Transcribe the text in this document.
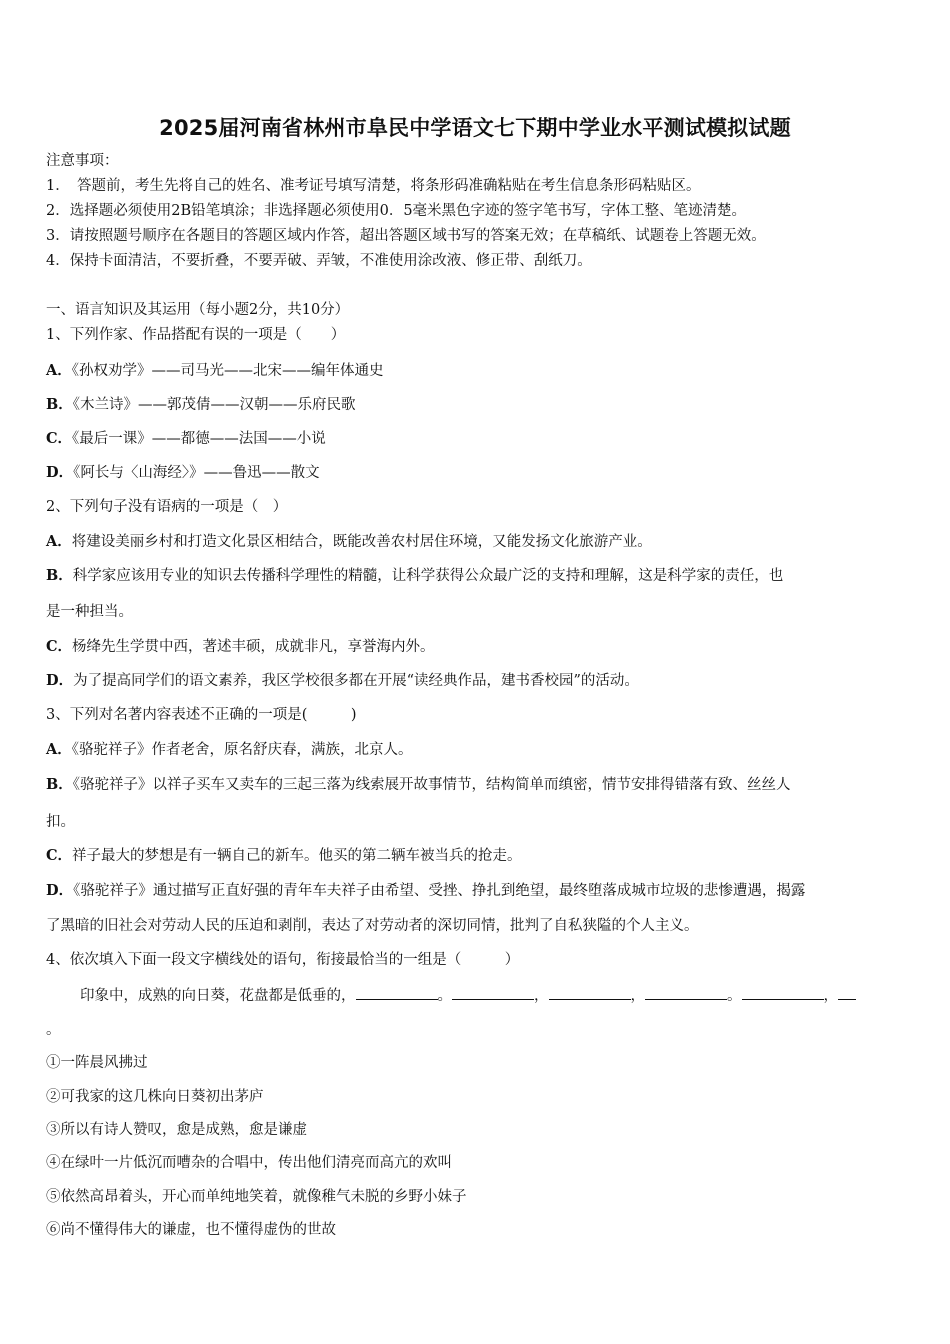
2025届河南省林州市阜民中学语文七下期中学业水平测试模拟试题
注意事项：
1．　答题前，考生先将自己的姓名、准考证号填写清楚，将条形码准确粘贴在考生信息条形码粘贴区。
2．选择题必须使用2B铅笔填涂；非选择题必须使用0．5毫米黑色字迹的签字笔书写，字体工整、笔迹清楚。
3．请按照题号顺序在各题目的答题区域内作答，超出答题区域书写的答案无效；在草稿纸、试题卷上答题无效。
4．保持卡面清洁，不要折叠，不要弄破、弄皱，不准使用涂改液、修正带、刮纸刀。
一、语言知识及其运用（每小题2分，共10分）
1、下列作家、作品搭配有误的一项是（　　）
A．《孙权劝学》——司马光——北宋——编年体通史
B．《木兰诗》——郭茂倩——汉朝——乐府民歌
C．《最后一课》——都德——法国——小说
D．《阿长与〈山海经〉》——鲁迅——散文
2、下列句子没有语病的一项是（　）
A．将建设美丽乡村和打造文化景区相结合，既能改善农村居住环境，又能发扬文化旅游产业。
B．科学家应该用专业的知识去传播科学理性的精髓，让科学获得公众最广泛的支持和理解，这是科学家的责任，也
是一种担当。
C．杨绛先生学贯中西，著述丰硕，成就非凡，享誉海内外。
D．为了提高同学们的语文素养，我区学校很多都在开展“读经典作品，建书香校园”的活动。
3、下列对名著内容表述不正确的一项是(　　　)
A．《骆驼祥子》作者老舍，原名舒庆春，满族，北京人。
B．《骆驼祥子》以祥子买车又卖车的三起三落为线索展开故事情节，结构简单而缜密，情节安排得错落有致、丝丝人
扣。
C．祥子最大的梦想是有一辆自己的新车。他买的第二辆车被当兵的抢走。
D．《骆驼祥子》通过描写正直好强的青年车夫祥子由希望、受挫、挣扎到绝望，最终堕落成城市垃圾的悲惨遭遇，揭露
了黑暗的旧社会对劳动人民的压迫和剥削，表达了对劳动者的深切同情，批判了自私狭隘的个人主义。
4、依次填入下面一段文字横线处的语句，衔接最恰当的一组是（　　　）
印象中，成熟的向日葵，花盘都是低垂的，	。	，	，	。	，
。
①一阵晨风拂过
②可我家的这几株向日葵初出茅庐
③所以有诗人赞叹，愈是成熟，愈是谦虚
④在绿叶一片低沉而嘈杂的合唱中，传出他们清亮而高亢的欢叫
⑤依然高昂着头，开心而单纯地笑着，就像稚气未脱的乡野小妹子
⑥尚不懂得伟大的谦虚，也不懂得虚伪的世故
